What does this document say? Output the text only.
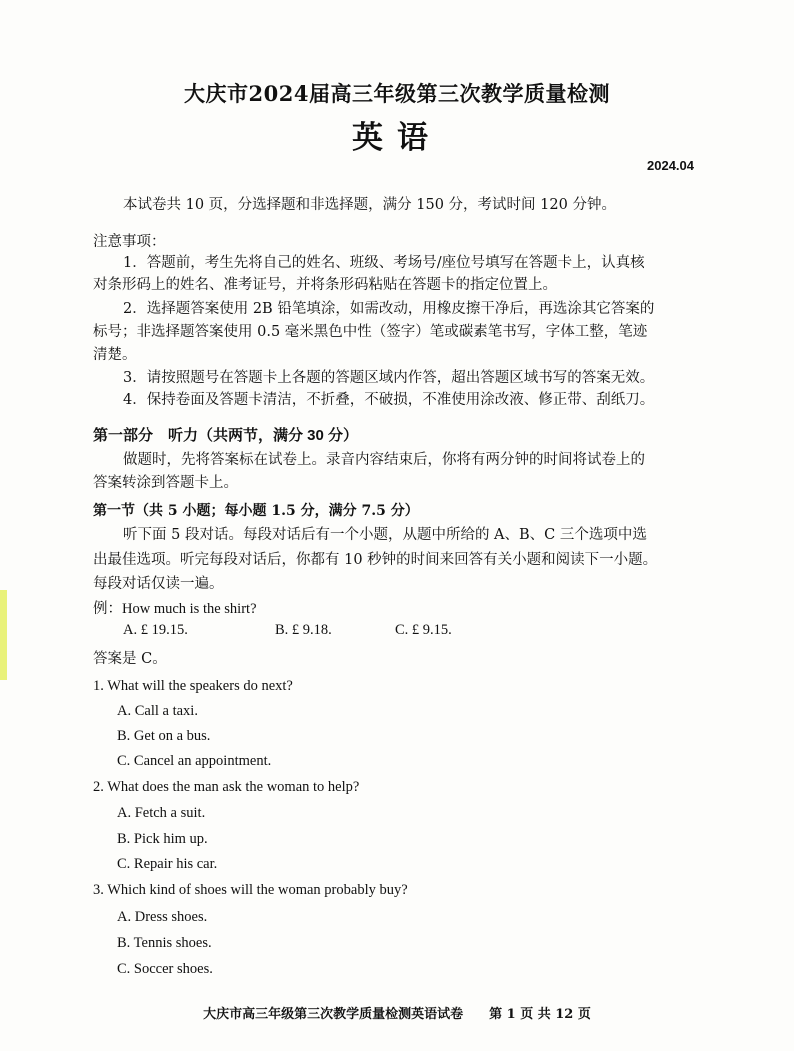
大庆市2024届高三年级第三次教学质量检测
英语
2024.04
本试卷共 10 页，分选择题和非选择题，满分 150 分，考试时间 120 分钟。
注意事项：
1．答题前，考生先将自己的姓名、班级、考场号/座位号填写在答题卡上，认真核
对条形码上的姓名、准考证号，并将条形码粘贴在答题卡的指定位置上。
2．选择题答案使用 2B 铅笔填涂，如需改动，用橡皮擦干净后，再选涂其它答案的
标号；非选择题答案使用 0.5 毫米黑色中性（签字）笔或碳素笔书写，字体工整，笔迹
清楚。
3．请按照题号在答题卡上各题的答题区域内作答，超出答题区域书写的答案无效。
4．保持卷面及答题卡清洁，不折叠，不破损，不准使用涂改液、修正带、刮纸刀。
第一部分　听力（共两节，满分 30 分）
做题时，先将答案标在试卷上。录音内容结束后，你将有两分钟的时间将试卷上的
答案转涂到答题卡上。
第一节（共 5 小题；每小题 1.5 分，满分 7.5 分）
听下面 5 段对话。每段对话后有一个小题，从题中所给的 A、B、C 三个选项中选
出最佳选项。听完每段对话后，你都有 10 秒钟的时间来回答有关小题和阅读下一小题。
每段对话仅读一遍。
例：How much is the shirt?
A. £ 19.15.	B. £ 9.18.	C. £ 9.15.
答案是 C。
1. What will the speakers do next?
A. Call a taxi.
B. Get on a bus.
C. Cancel an appointment.
2. What does the man ask the woman to help?
A. Fetch a suit.
B. Pick him up.
C. Repair his car.
3. Which kind of shoes will the woman probably buy?
A. Dress shoes.
B. Tennis shoes.
C. Soccer shoes.
大庆市高三年级第三次教学质量检测英语试卷　　第 1 页 共 12 页
